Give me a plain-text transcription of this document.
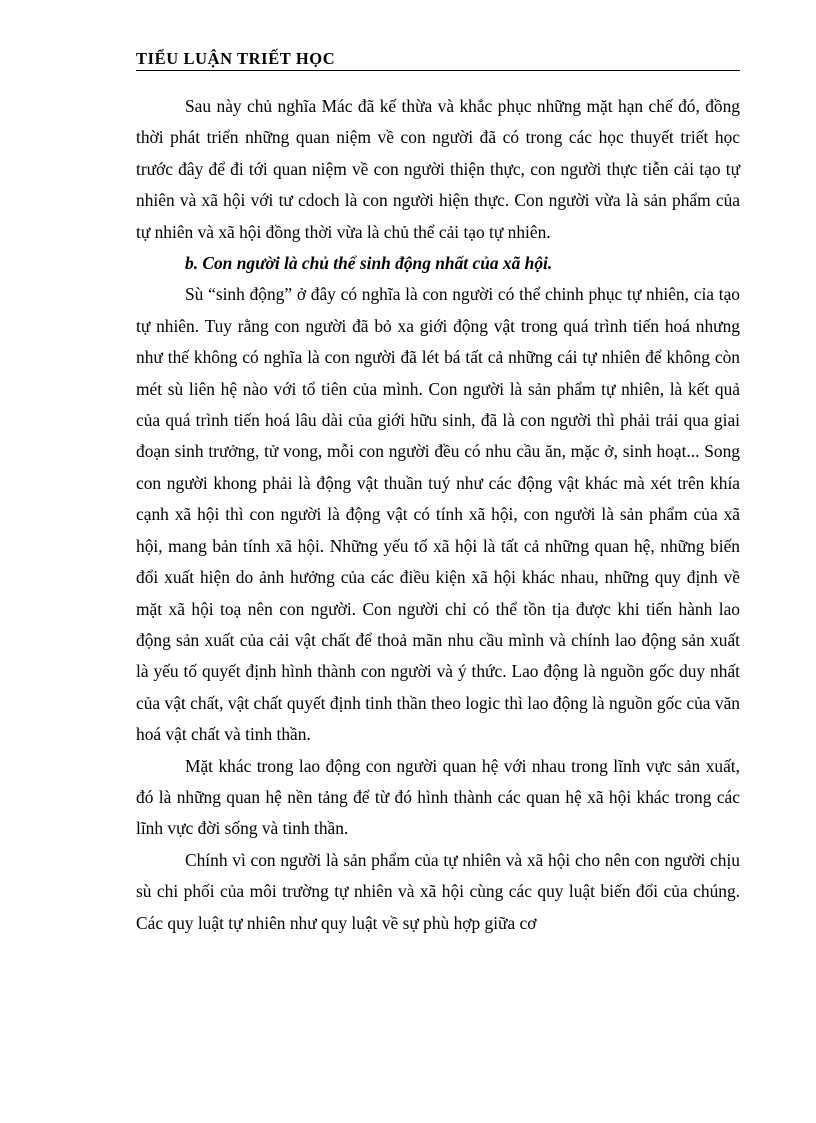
TIỂU LUẬN TRIẾT HỌC

Sau này chủ nghĩa Mác đã kế thừa và khắc phục những mặt hạn chế đó, đồng thời phát triển những quan niệm về con người đã có trong các học thuyết triết học trước đây để đi tới quan niệm về con người thiện thực, con người thực tiễn cải tạo tự nhiên và xã hội với tư cdoch là con người hiện thực. Con người vừa là sản phẩm của tự nhiên và xã hội đồng thời vừa là chủ thể cải tạo tự nhiên.

b. Con người là chủ thể sinh động nhất của xã hội.

Sù “sinh động” ở đây có nghĩa là con người có thể chinh phục tự nhiên, cỉa tạo tự nhiên. Tuy rằng con người đã bỏ xa giới động vật trong quá trình tiến hoá nhưng như thế không có nghĩa là con người đã lét bá tất cả những cái tự nhiên để không còn mét sù liên hệ nào với tổ tiên của mình. Con người là sản phẩm tự nhiên, là kết quả của quá trình tiến hoá lâu dài của giới hữu sinh, đã là con người thì phải trải qua giai đoạn sinh trưởng, tử vong, mỗi con người đều có nhu cầu ăn, mặc ở, sinh hoạt... Song con người khong phải là động vật thuần tuý như các động vật khác mà xét trên khía cạnh xã hội thì con người là động vật có tính xã hội, con người là sản phẩm của xã hội, mang bản tính xã hội. Những yếu tố xã hội là tất cả những quan hệ, những biến đổi xuất hiện do ảnh hưởng của các điều kiện xã hội khác nhau, những quy định về mặt xã hội toạ nên con người. Con người chỉ có thể tồn tịa được khi tiến hành lao động sản xuất của cải vật chất để thoả mãn nhu cầu mình và chính lao động sản xuất là yếu tố quyết định hình thành con người và ý thức. Lao động là nguồn gốc duy nhất của vật chất, vật chất quyết định tinh thần theo logic thì lao động là nguồn gốc của văn hoá vật chất và tinh thần.

Mặt khác trong lao động con người quan hệ với nhau trong lĩnh vực sản xuất, đó là những quan hệ nền tảng để từ đó hình thành các quan hệ xã hội khác trong các lĩnh vực đời sống và tinh thần.

Chính vì con người là sản phẩm của tự nhiên và xã hội cho nên con người chịu sù chi phối của môi trường tự nhiên và xã hội cùng các quy luật biến đổi của chúng. Các quy luật tự nhiên như quy luật về sự phù hợp giữa cơ
